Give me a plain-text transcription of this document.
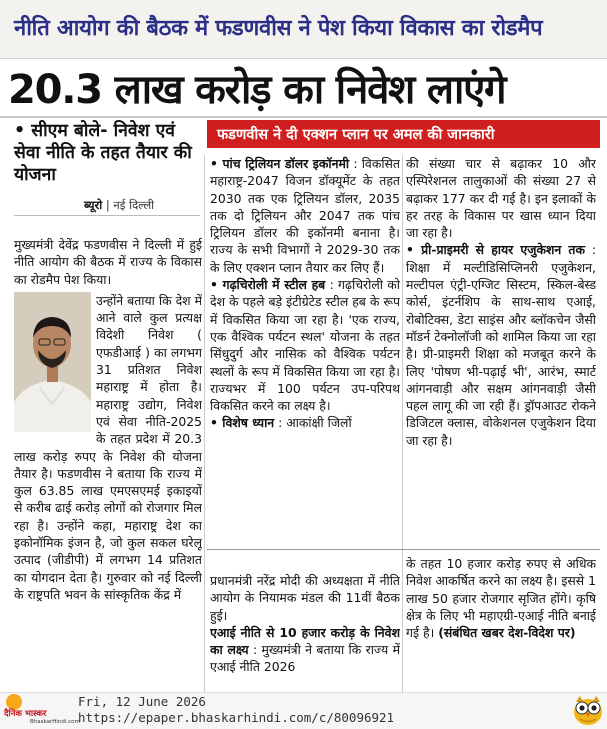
नीति आयोग की बैठक में फडणवीस ने पेश किया विकास का रोडमैप
20.3 लाख करोड़ का निवेश लाएंगे
• सीएम बोले- निवेश एवं सेवा नीति के तहत तैयार की योजना
फडणवीस ने दी एक्शन प्लान पर अमल की जानकारी
ब्यूरो | नई दिल्ली

मुख्यमंत्री देवेंद्र फडणवीस ने दिल्ली में हुई नीति आयोग की बैठक में राज्य के विकास का रोडमैप पेश किया।

उन्होंने बताया कि देश में आने वाले कुल प्रत्यक्ष विदेशी निवेश ( एफडीआई ) का लगभग 31 प्रतिशत निवेश महाराष्ट्र में होता है। महाराष्ट्र उद्योग, निवेश एवं सेवा नीति-2025 के तहत प्रदेश में 20.3 लाख करोड़ रुपए के निवेश की योजना तैयार है। फडणवीस ने बताया कि राज्य में कुल 63.85 लाख एमएसएमई इकाइयों से करीब ढाई करोड़ लोगों को रोजगार मिल रहा है। उन्होंने कहा, महाराष्ट्र देश का इकोनॉमिक इंजन है, जो कुल सकल घरेलू उत्पाद (जीडीपी) में लगभग 14 प्रतिशत का योगदान देता है। गुरुवार को नई दिल्ली के राष्ट्रपति भवन के सांस्कृतिक केंद्र में

• पांच ट्रिलियन डॉलर इकॉनमी : विकसित महाराष्ट्र-2047 विजन डॉक्यूमेंट के तहत 2030 तक एक ट्रिलियन डॉलर, 2035 तक दो ट्रिलियन और 2047 तक पांच ट्रिलियन डॉलर की इकॉनमी बनाना है। राज्य के सभी विभागों ने 2029-30 तक के लिए एक्शन प्लान तैयार कर लिए हैं।

• गढ़चिरोली में स्टील हब : गढ़चिरोली को देश के पहले बड़े इंटीग्रेटेड स्टील हब के रूप में विकसित किया जा रहा है। 'एक राज्य, एक वैश्विक पर्यटन स्थल' योजना के तहत सिंधुदुर्ग और नासिक को वैश्विक पर्यटन स्थलों के रूप में विकसित किया जा रहा है। राज्यभर में 100 पर्यटन उप-परिपथ विकसित करने का लक्ष्य है।

• विशेष ध्यान : आकांक्षी जिलों

की संख्या चार से बढ़ाकर 10 और एस्पिरेशनल तालुकाओं की संख्या 27 से बढ़ाकर 177 कर दी गई है। इन इलाकों के हर तरह के विकास पर खास ध्यान दिया जा रहा है।

• प्री-प्राइमरी से हायर एजुकेशन तक : शिक्षा में मल्टीडिसिप्लिनरी एजुकेशन, मल्टीपल एंट्री-एग्जिट सिस्टम, स्किल-बेस्ड कोर्स, इंटर्नशिप के साथ-साथ एआई, रोबोटिक्स, डेटा साइंस और ब्लॉकचेन जैसी मॉडर्न टेक्नोलॉजी को शामिल किया जा रहा है। प्री-प्राइमरी शिक्षा को मजबूत करने के लिए 'पोषण भी-पढ़ाई भी', आरंभ, स्मार्ट आंगनवाड़ी और सक्षम आंगनवाड़ी जैसी पहल लागू की जा रही हैं। ड्रॉपआउट रोकने डिजिटल क्लास, वोकेशनल एजुकेशन दिया जा रहा है।

प्रधानमंत्री नरेंद्र मोदी की अध्यक्षता में नीति आयोग के नियामक मंडल की 11वीं बैठक हुई।

एआई नीति से 10 हजार करोड़ के निवेश का लक्ष्य : मुख्यमंत्री ने बताया कि राज्य में एआई नीति 2026

के तहत 10 हजार करोड़ रुपए से अधिक निवेश आकर्षित करने का लक्ष्य है। इससे 1 लाख 50 हजार रोजगार सृजित होंगे। कृषि क्षेत्र के लिए भी महाएग्री-एआई नीति बनाई गई है। (संबंधित खबर देश-विदेश पर)

दैनिक भास्कर
BhaskarHindi.com
Fri, 12 June 2026
https://epaper.bhaskarhindi.com/c/80096921
